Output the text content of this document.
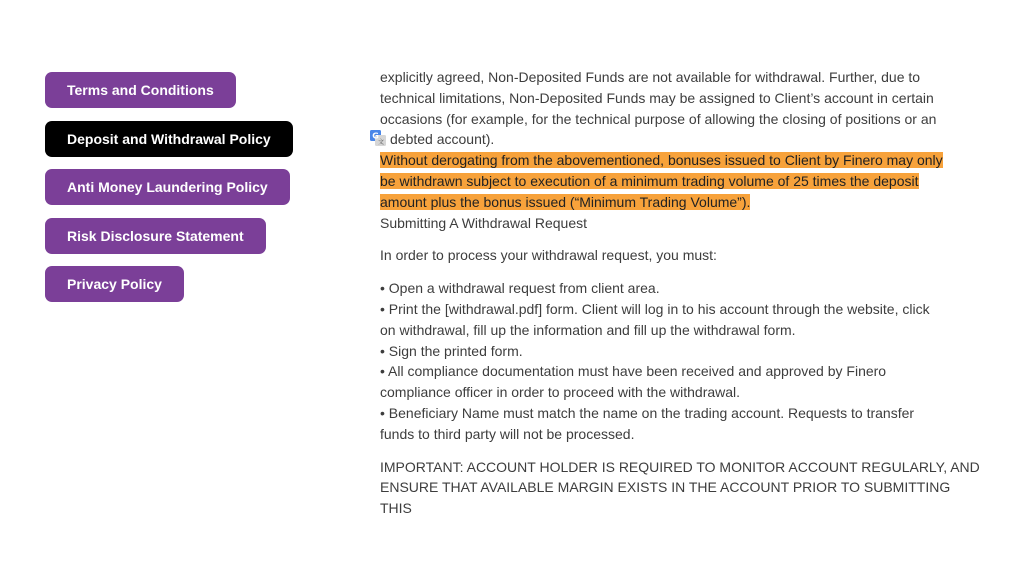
Terms and Conditions
Deposit and Withdrawal Policy
Anti Money Laundering Policy
Risk Disclosure Statement
Privacy Policy
G
文

explicitly agreed, Non-Deposited Funds are not available for withdrawal. Further, due to
technical limitations, Non-Deposited Funds may be assigned to Client’s account in certain
occasions (for example, for the technical purpose of allowing the closing of positions or an
debted account).

Without derogating from the abovementioned, bonuses issued to Client by Finero may only
be withdrawn subject to execution of a minimum trading volume of 25 times the deposit
amount plus the bonus issued (“Minimum Trading Volume”).

Submitting A Withdrawal Request

In order to process your withdrawal request, you must:

• Open a withdrawal request from client area.
• Print the [withdrawal.pdf] form. Client will log in to his account through the website, click
on withdrawal, fill up the information and fill up the withdrawal form.
• Sign the printed form.
• All compliance documentation must have been received and approved by Finero
compliance officer in order to proceed with the withdrawal.
• Beneficiary Name must match the name on the trading account. Requests to transfer
funds to third party will not be processed.

IMPORTANT: ACCOUNT HOLDER IS REQUIRED TO MONITOR ACCOUNT REGULARLY, AND
ENSURE THAT AVAILABLE MARGIN EXISTS IN THE ACCOUNT PRIOR TO SUBMITTING THIS
